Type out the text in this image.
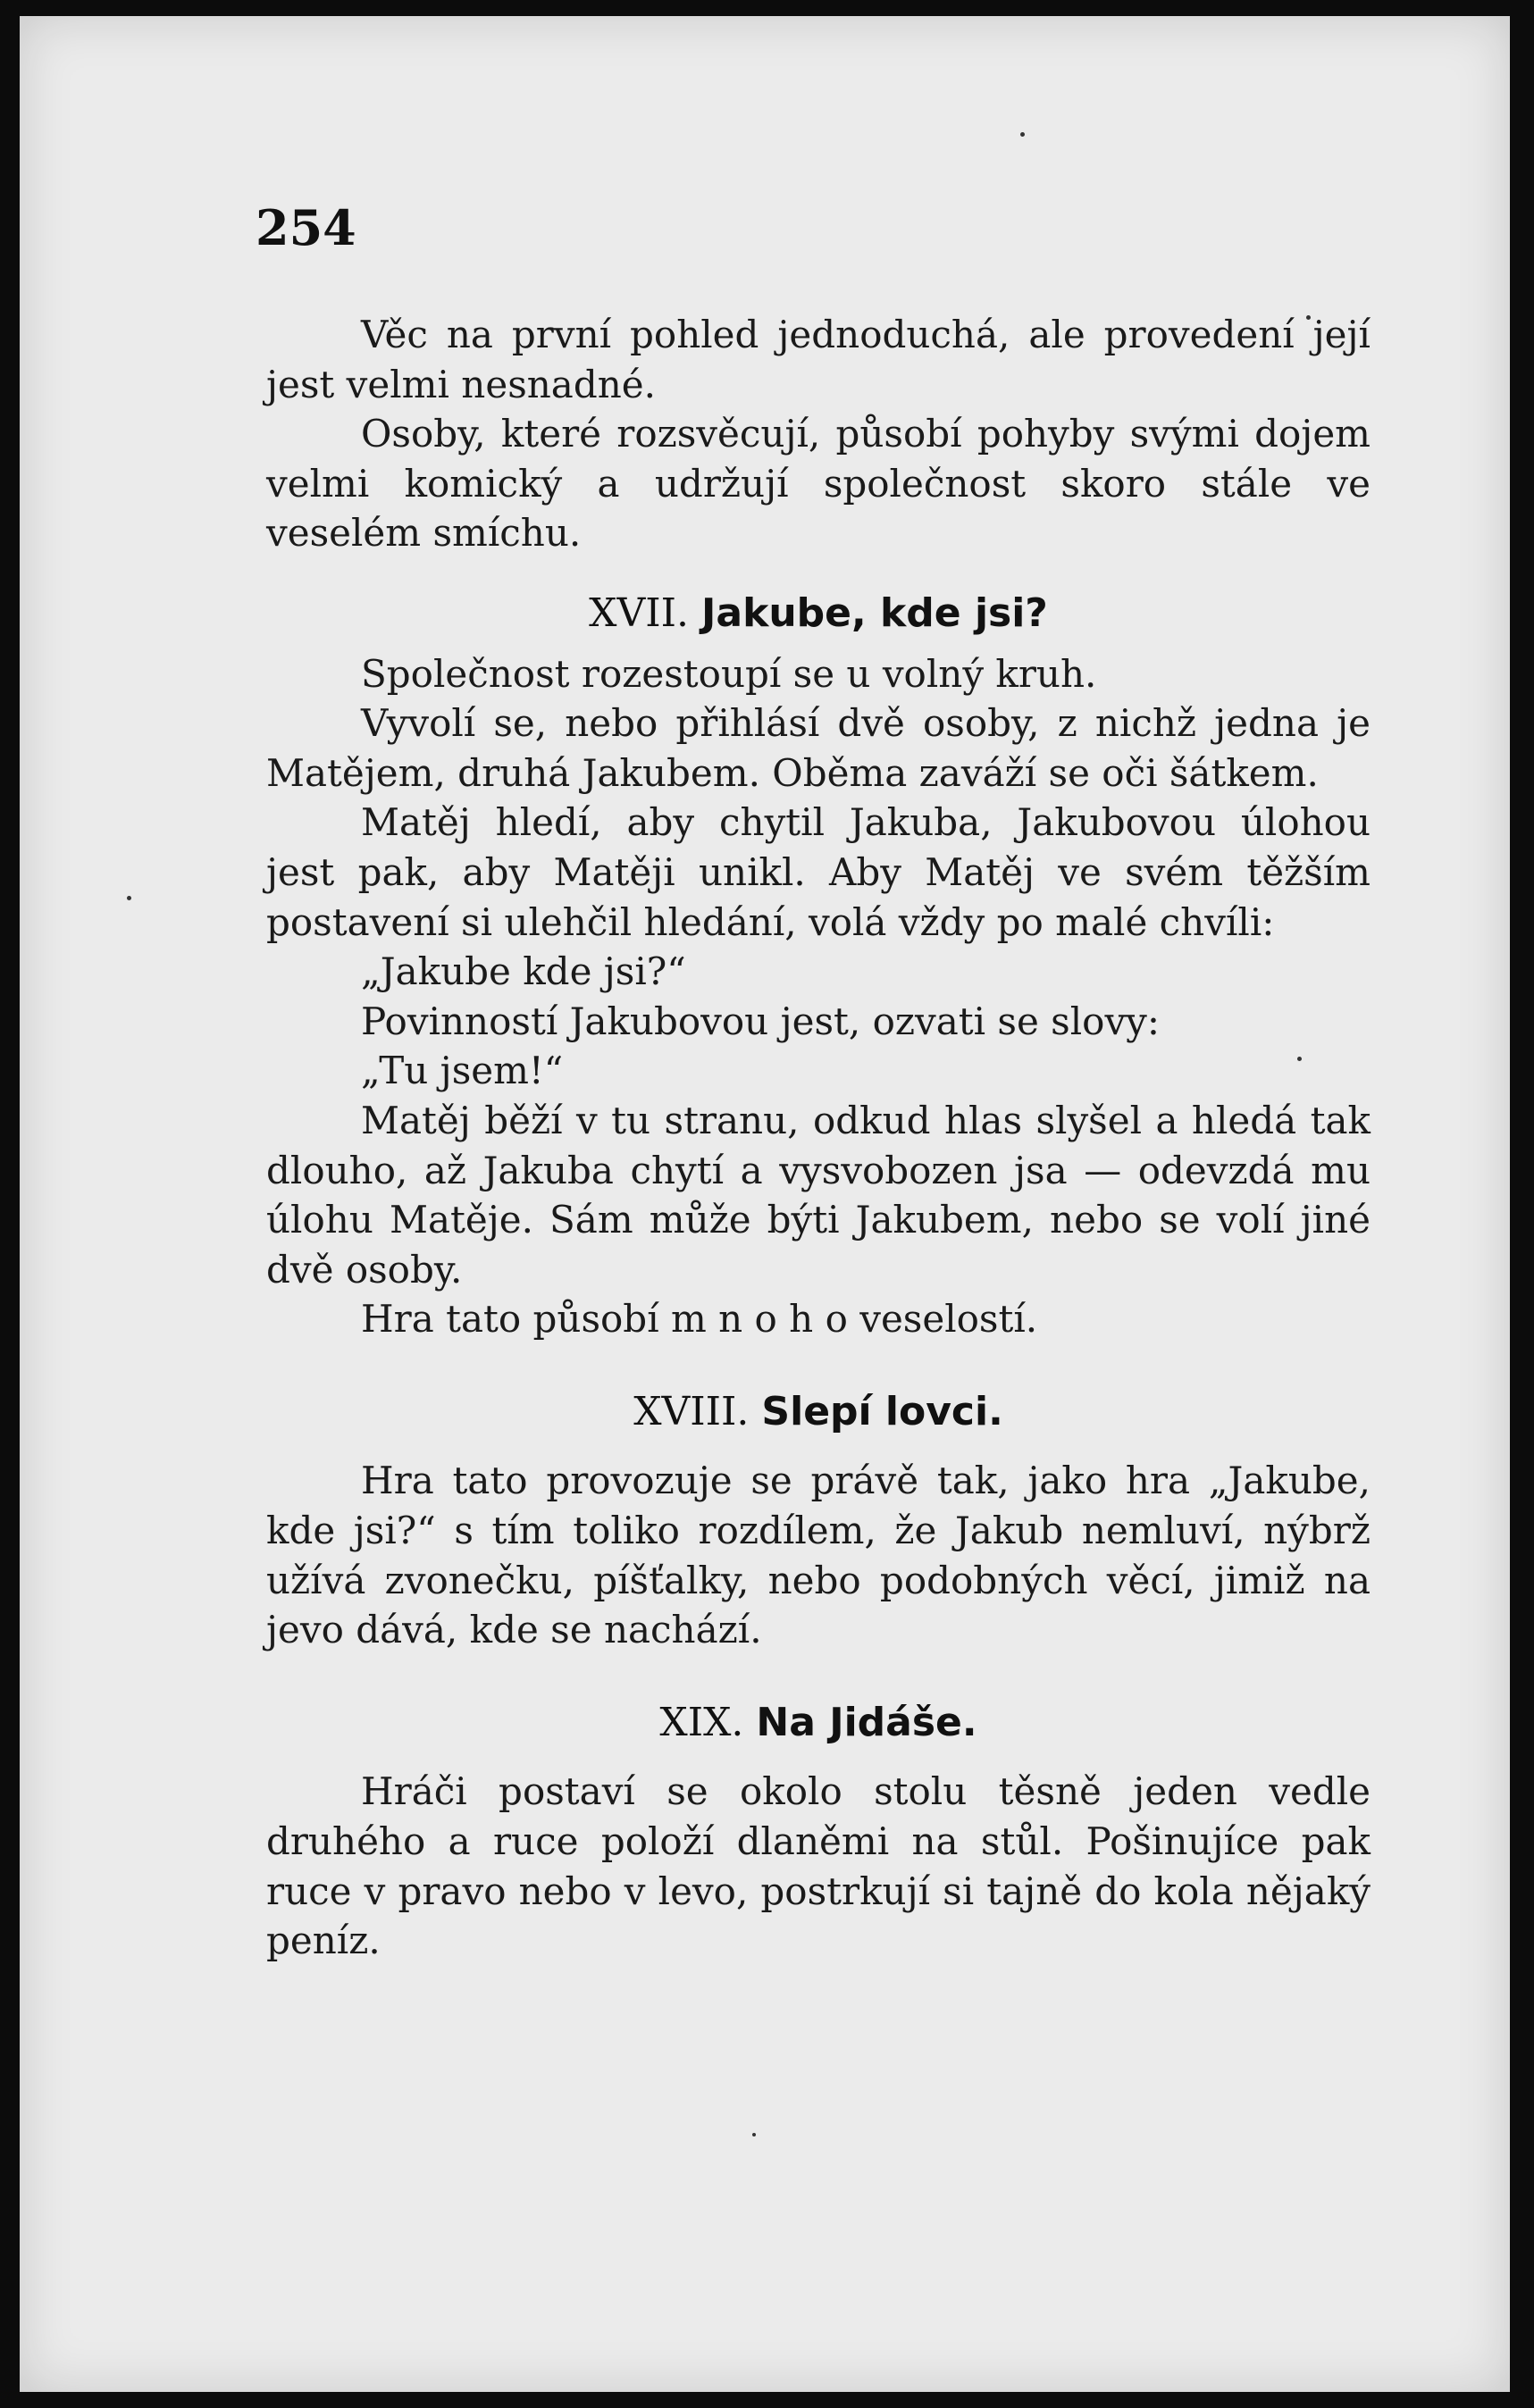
254

Věc na první pohled jednoduchá, ale provedení její jest velmi nesnadné.

Osoby, které rozsvěcují, působí pohyby svými dojem velmi komický a udržují společnost skoro stále ve veselém smíchu.

XVII. Jakube, kde jsi?

Společnost rozestoupí se u volný kruh.

Vyvolí se, nebo přihlásí dvě osoby, z nichž jedna je Matějem, druhá Jakubem. Oběma zaváží se oči šátkem.

Matěj hledí, aby chytil Jakuba, Jakubovou úlohou jest pak, aby Matěji unikl. Aby Matěj ve svém těžším postavení si ulehčil hledání, volá vždy po malé chvíli:

„Jakube kde jsi?“

Povinností Jakubovou jest, ozvati se slovy:

„Tu jsem!“

Matěj běží v tu stranu, odkud hlas slyšel a hledá tak dlouho, až Jakuba chytí a vysvobozen jsa — odevzdá mu úlohu Matěje. Sám může býti Jakubem, nebo se volí jiné dvě osoby.

Hra tato působí m n o h o veselostí.

XVIII. Slepí lovci.

Hra tato provozuje se právě tak, jako hra „Jakube, kde jsi?“ s tím toliko rozdílem, že Jakub nemluví, nýbrž užívá zvonečku, píšťalky, nebo podobných věcí, jimiž na jevo dává, kde se nachází.

XIX. Na Jidáše.

Hráči postaví se okolo stolu těsně jeden vedle druhého a ruce položí dlaněmi na stůl. Pošinujíce pak ruce v pravo nebo v levo, postrkují si tajně do kola nějaký peníz.
